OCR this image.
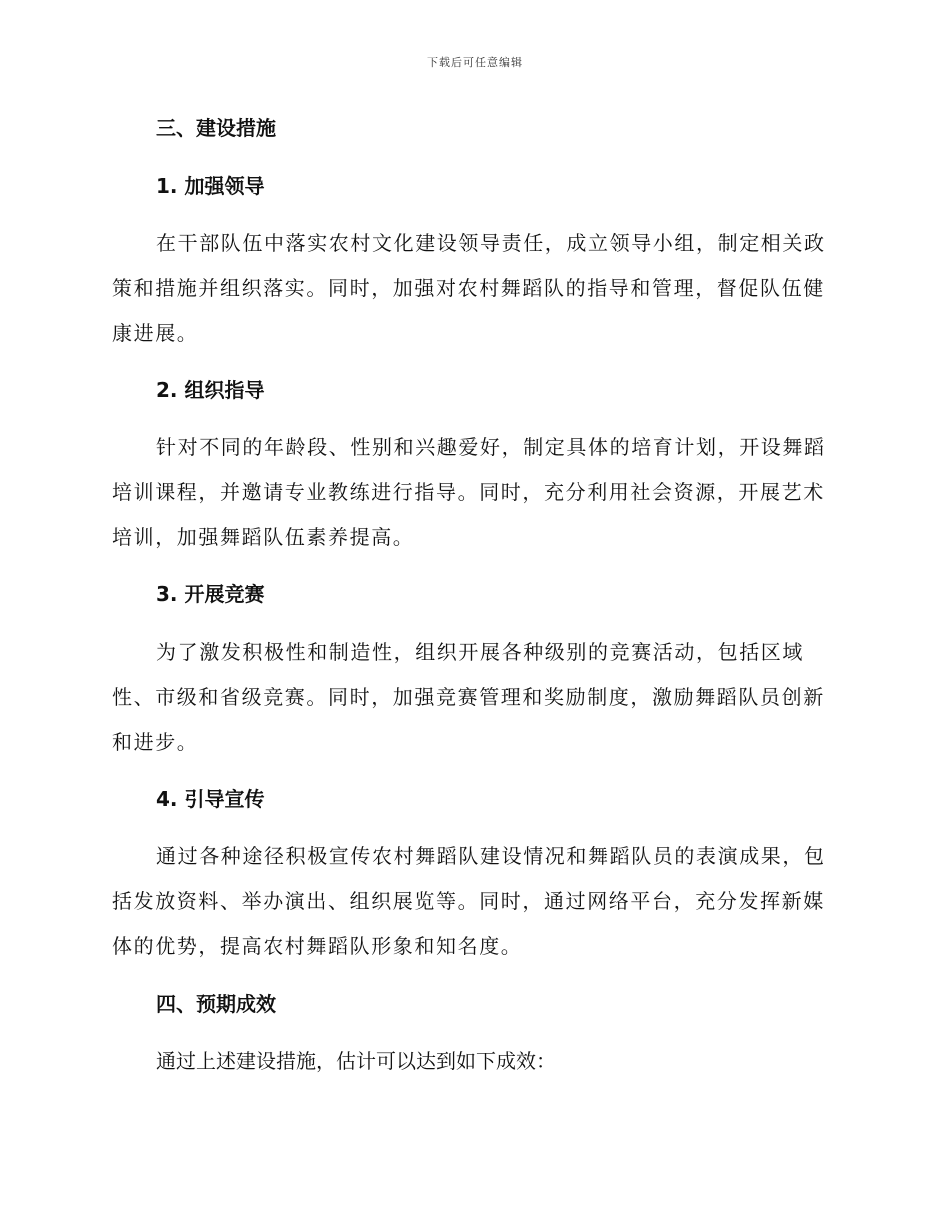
下载后可任意编辑
三、建设措施
1. 加强领导

在干部队伍中落实农村文化建设领导责任，成立领导小组，制定相关政策和措施并组织落实。同时，加强对农村舞蹈队的指导和管理，督促队伍健康进展。

2. 组织指导

针对不同的年龄段、性别和兴趣爱好，制定具体的培育计划，开设舞蹈培训课程，并邀请专业教练进行指导。同时，充分利用社会资源，开展艺术培训，加强舞蹈队伍素养提高。

3. 开展竞赛

为了激发积极性和制造性，组织开展各种级别的竞赛活动，包括区域性、市级和省级竞赛。同时，加强竞赛管理和奖励制度，激励舞蹈队员创新和进步。

4. 引导宣传

通过各种途径积极宣传农村舞蹈队建设情况和舞蹈队员的表演成果，包括发放资料、举办演出、组织展览等。同时，通过网络平台，充分发挥新媒体的优势，提高农村舞蹈队形象和知名度。

四、预期成效
通过上述建设措施，估计可以达到如下成效：
